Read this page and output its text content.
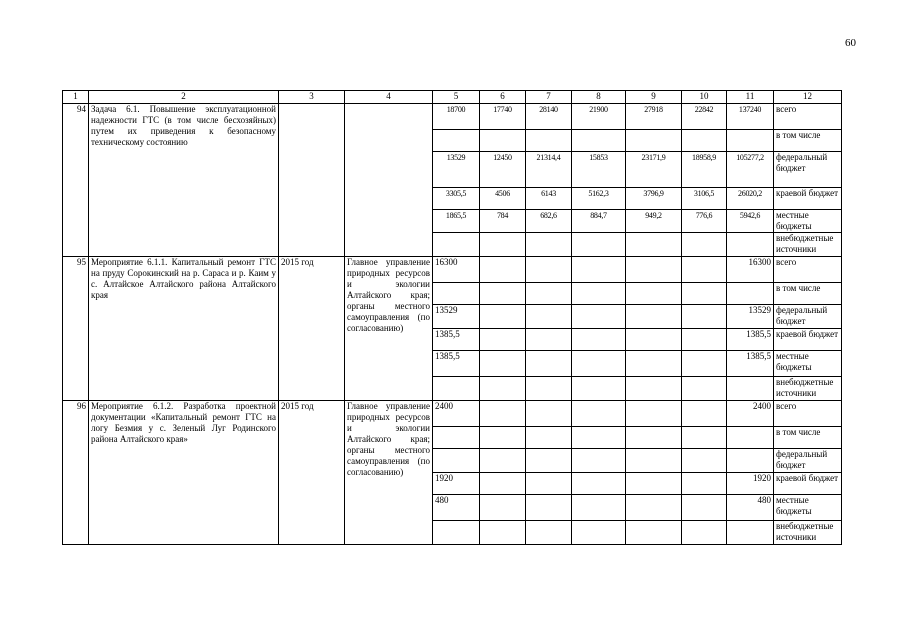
60
1	2	3	4	5	6	7	8	9	10	11	12
94	Задача 6.1. Повышение эксплуатационной надежности ГТС (в том числе бесхозяйных) путем их приведения к безопасному техническому состоянию			18700	17740	28140	21900	27918	22842	137240	всего
											в том числе
				13529	12450	21314,4	15853	23171,9	18958,9	105277,2	федеральный бюджет
				3305,5	4506	6143	5162,3	3796,9	3106,5	26020,2	краевой бюджет
				1865,5	784	682,6	884,7	949,2	776,6	5942,6	местные бюджеты
											внебюджетные источники
95	Мероприятие 6.1.1. Капитальный ремонт ГТС на пруду Сорокинский на р. Сараса и р. Каим у с. Алтайское Алтайского района Алтайского края	2015 год	Главное управление природных ресурсов и экологии Алтайского края; органы местного самоуправления (по согласованию)	16300						16300	всего
											в том числе
				13529						13529	федеральный бюджет
				1385,5						1385,5	краевой бюджет
				1385,5						1385,5	местные бюджеты
											внебюджетные источники
96	Мероприятие 6.1.2. Разработка проектной документации «Капитальный ремонт ГТС на логу Безмия у с. Зеленый Луг Родинского района Алтайского края»	2015 год	Главное управление природных ресурсов и экологии Алтайского края; органы местного самоуправления (по согласованию)	2400						2400	всего
											в том числе
											федеральный бюджет
				1920						1920	краевой бюджет
				480						480	местные бюджеты
											внебюджетные источники
